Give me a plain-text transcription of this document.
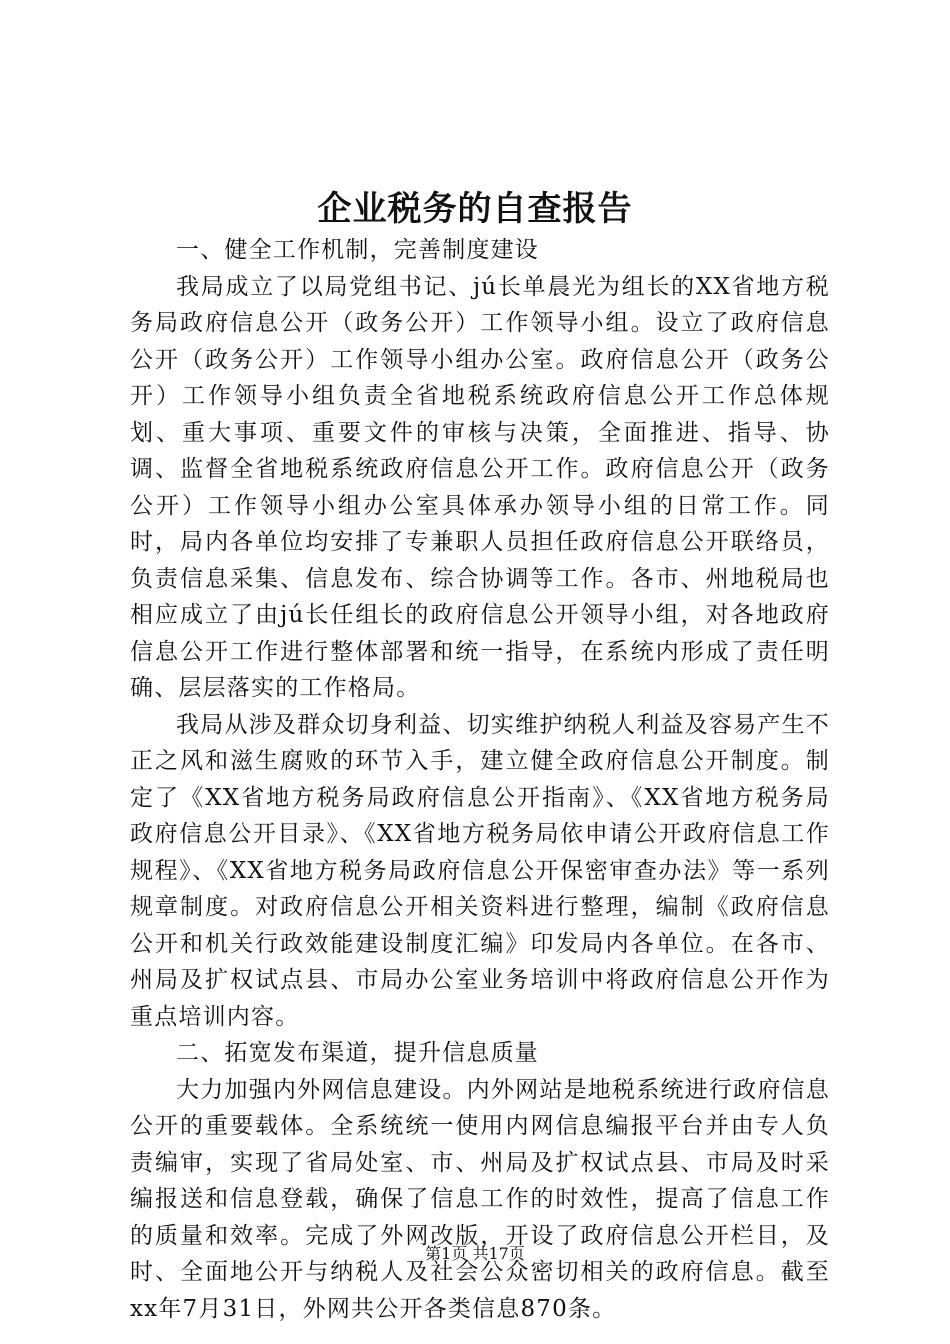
企业税务的自查报告

一、健全工作机制，完善制度建设

我局成立了以局党组书记、jú长单晨光为组长的XX省地方税务局政府信息公开（政务公开）工作领导小组。设立了政府信息公开（政务公开）工作领导小组办公室。政府信息公开（政务公开）工作领导小组负责全省地税系统政府信息公开工作总体规划、重大事项、重要文件的审核与决策，全面推进、指导、协调、监督全省地税系统政府信息公开工作。政府信息公开（政务公开）工作领导小组办公室具体承办领导小组的日常工作。同时，局内各单位均安排了专兼职人员担任政府信息公开联络员，负责信息采集、信息发布、综合协调等工作。各市、州地税局也相应成立了由jú长任组长的政府信息公开领导小组，对各地政府信息公开工作进行整体部署和统一指导，在系统内形成了责任明确、层层落实的工作格局。

我局从涉及群众切身利益、切实维护纳税人利益及容易产生不正之风和滋生腐败的环节入手，建立健全政府信息公开制度。制定了《XX省地方税务局政府信息公开指南》、《XX省地方税务局政府信息公开目录》、《XX省地方税务局依申请公开政府信息工作规程》、《XX省地方税务局政府信息公开保密审查办法》等一系列规章制度。对政府信息公开相关资料进行整理，编制《政府信息公开和机关行政效能建设制度汇编》印发局内各单位。在各市、州局及扩权试点县、市局办公室业务培训中将政府信息公开作为重点培训内容。

二、拓宽发布渠道，提升信息质量

大力加强内外网信息建设。内外网站是地税系统进行政府信息公开的重要载体。全系统统一使用内网信息编报平台并由专人负责编审，实现了省局处室、市、州局及扩权试点县、市局及时采编报送和信息登载，确保了信息工作的时效性，提高了信息工作的质量和效率。完成了外网改版，开设了政府信息公开栏目，及时、全面地公开与纳税人及社会公众密切相关的政府信息。截至xx年7月31日，外网共公开各类信息870条。

第1页 共17页
